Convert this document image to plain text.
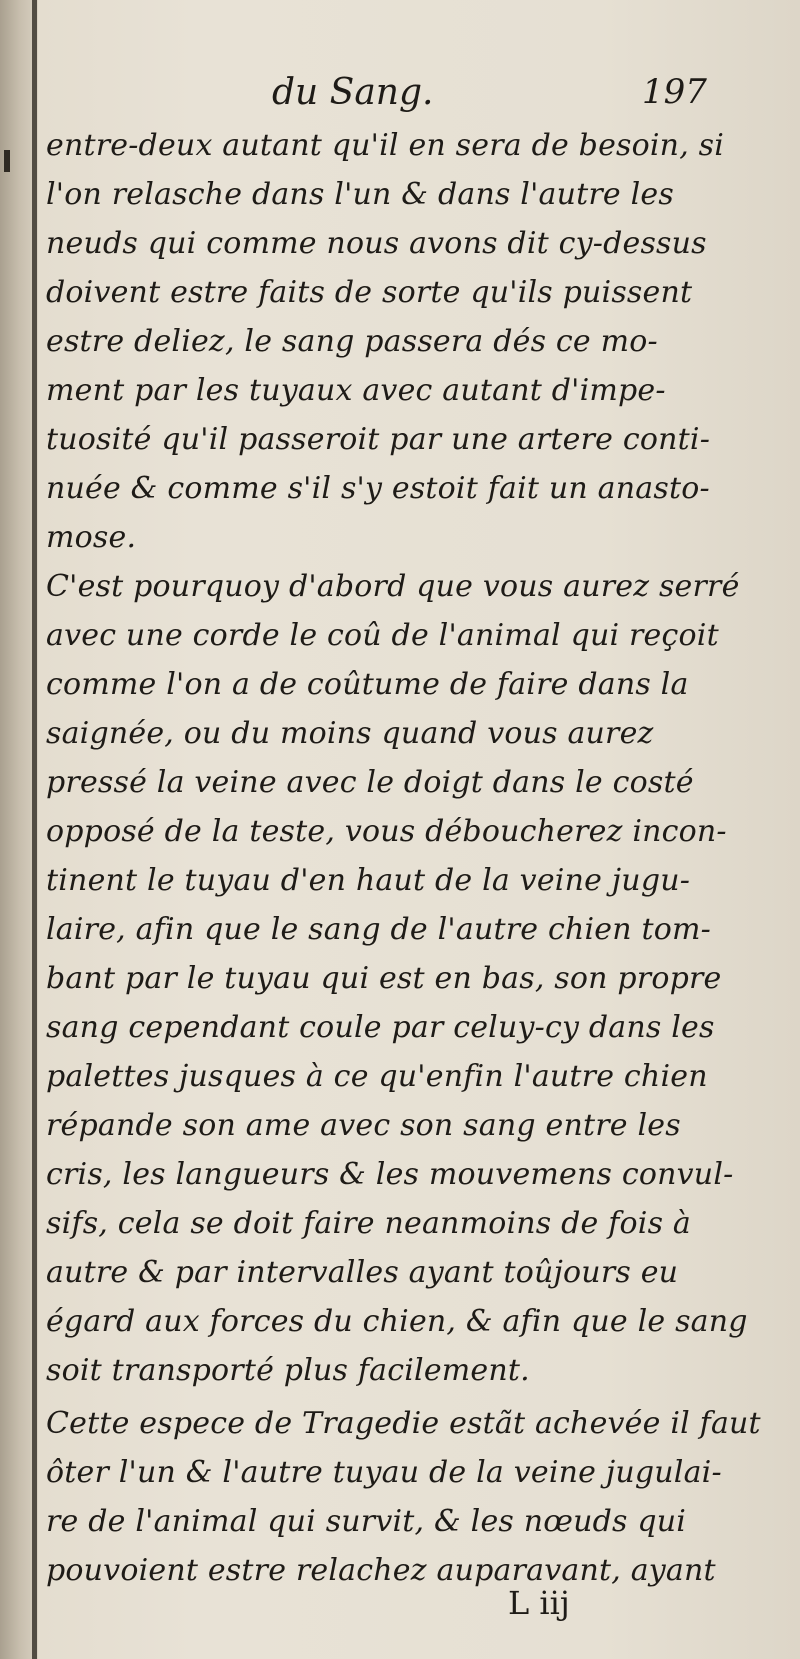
du Sang.	197
entre-deux autant qu'il en sera de besoin, si
l'on relasche dans l'un & dans l'autre les
neuds qui comme nous avons dit cy-dessus
doivent estre faits de sorte qu'ils puissent
estre deliez, le sang passera dés ce mo-
ment par les tuyaux avec autant d'impe-
tuosité qu'il passeroit par une artere conti-
nuée & comme s'il s'y estoit fait un anasto-
mose.
C'est pourquoy d'abord que vous aurez serré
avec une corde le coû de l'animal qui reçoit
comme l'on a de coûtume de faire dans la
saignée, ou du moins quand vous aurez
pressé la veine avec le doigt dans le costé
opposé de la teste, vous déboucherez incon-
tinent le tuyau d'en haut de la veine jugu-
laire, afin que le sang de l'autre chien tom-
bant par le tuyau qui est en bas, son propre
sang cependant coule par celuy-cy dans les
palettes jusques à ce qu'enfin l'autre chien
répande son ame avec son sang entre les
cris, les langueurs & les mouvemens convul-
sifs, cela se doit faire neanmoins de fois à
autre & par intervalles ayant toûjours eu
égard aux forces du chien, & afin que le sang
soit transporté plus facilement.
Cette espece de Tragedie estãt achevée il faut
ôter l'un & l'autre tuyau de la veine jugulai-
re de l'animal qui survit, & les nœuds qui
pouvoient estre relachez auparavant, ayant
L iij
